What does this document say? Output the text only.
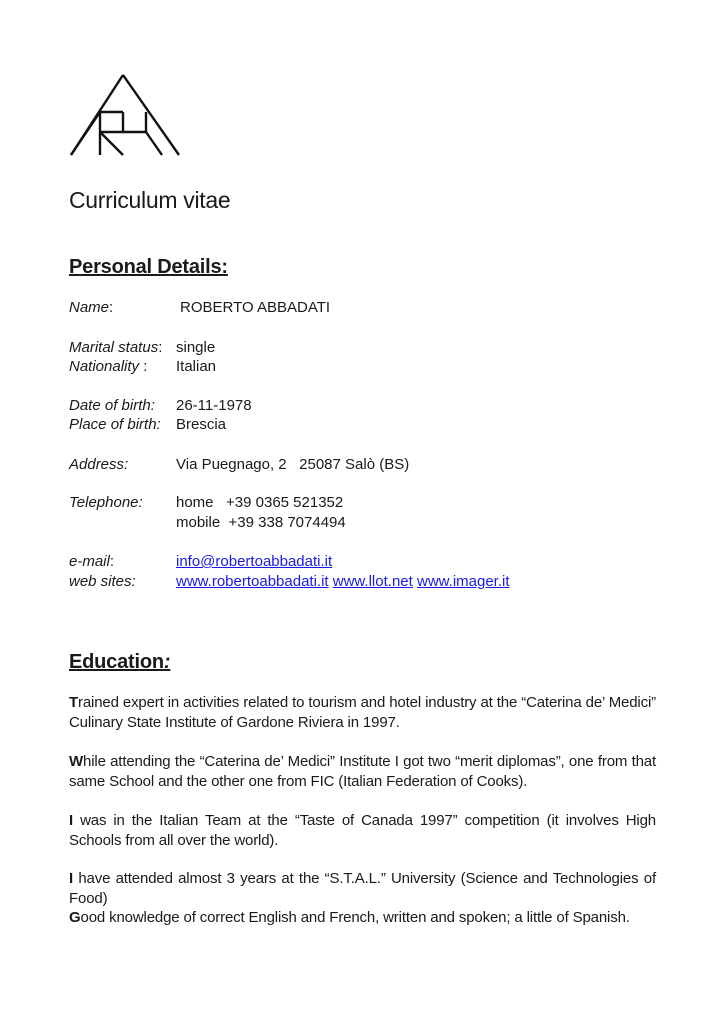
Curriculum vitae
Personal Details:
Name:	ROBERTO ABBADATI
Marital status: single
Nationality : Italian
Date of birth: 26-11-1978
Place of birth: Brescia
Address:	Via Puegnago, 2   25087 Salò (BS)
Telephone: home   +39 0365 521352
mobile  +39 338 7074494
e-mail:	info@robertoabbadati.it
web sites:	www.robertoabbadati.it www.llot.net www.imager.it
Education:
Trained expert in activities related to tourism and hotel industry at the “Caterina de’ Medici” Culinary State Institute of Gardone Riviera in 1997.
While attending the “Caterina de’ Medici” Institute I got two “merit diplomas”, one from that same School and the other one from FIC (Italian Federation of Cooks).
I was in the Italian Team at the “Taste of Canada 1997” competition (it involves High Schools from all over the world).
I have attended almost 3 years at the “S.T.A.L.” University (Science and Technologies of Food)
Good knowledge of correct English and French, written and spoken; a little of Spanish.
